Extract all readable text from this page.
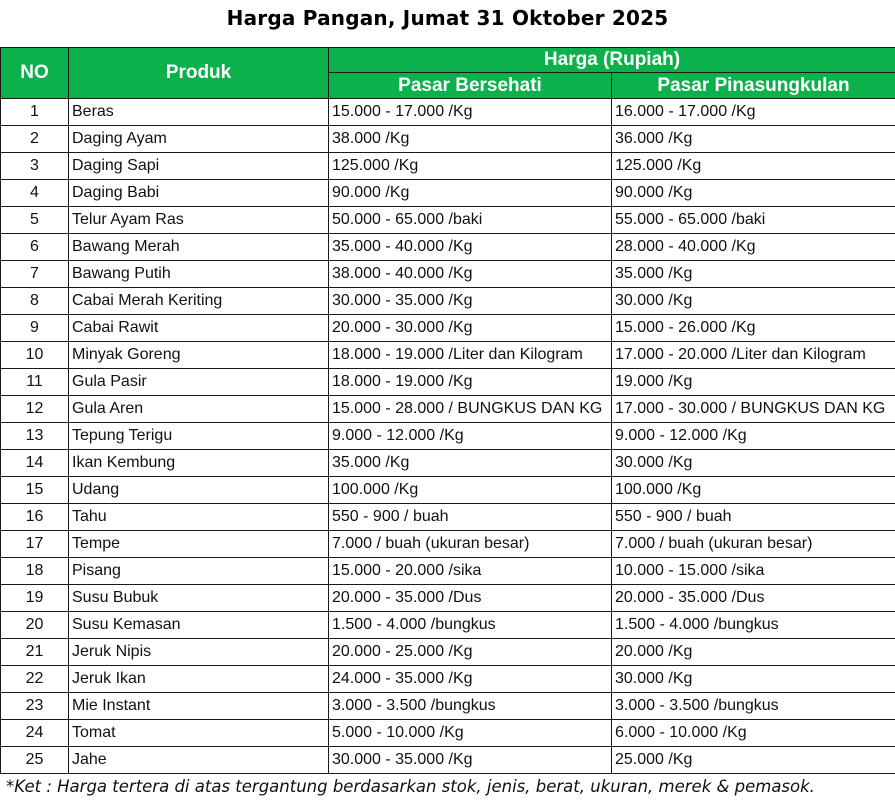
Harga Pangan, Jumat 31 Oktober 2025
NO	Produk	Harga (Rupiah)	
		Pasar Bersehati	Pasar Pinasungkulan
1	Beras	15.000 - 17.000 /Kg	16.000 - 17.000 /Kg
2	Daging Ayam	38.000 /Kg	36.000 /Kg
3	Daging Sapi	125.000 /Kg	125.000 /Kg
4	Daging Babi	90.000 /Kg	90.000 /Kg
5	Telur Ayam Ras	50.000 - 65.000 /baki	55.000 - 65.000 /baki
6	Bawang Merah	35.000 - 40.000 /Kg	28.000 - 40.000 /Kg
7	Bawang Putih	38.000 - 40.000 /Kg	35.000 /Kg
8	Cabai Merah Keriting	30.000 - 35.000 /Kg	30.000 /Kg
9	Cabai Rawit	20.000 - 30.000 /Kg	15.000 - 26.000 /Kg
10	Minyak Goreng	18.000 - 19.000 /Liter dan Kilogram	17.000 - 20.000 /Liter dan Kilogram
11	Gula Pasir	18.000 - 19.000 /Kg	19.000 /Kg
12	Gula Aren	15.000 - 28.000 / BUNGKUS DAN KG	17.000 - 30.000 / BUNGKUS DAN KG
13	Tepung Terigu	9.000 - 12.000 /Kg	9.000 - 12.000 /Kg
14	Ikan Kembung	35.000 /Kg	30.000 /Kg
15	Udang	100.000 /Kg	100.000 /Kg
16	Tahu	550 - 900 / buah	550 - 900 / buah
17	Tempe	7.000 / buah (ukuran besar)	7.000 / buah (ukuran besar)
18	Pisang	15.000 - 20.000 /sika	10.000 - 15.000 /sika
19	Susu Bubuk	20.000 - 35.000 /Dus	20.000 - 35.000 /Dus
20	Susu Kemasan	1.500 - 4.000 /bungkus	1.500 - 4.000 /bungkus
21	Jeruk Nipis	20.000 - 25.000 /Kg	20.000 /Kg
22	Jeruk Ikan	24.000 - 35.000 /Kg	30.000 /Kg
23	Mie Instant	3.000 - 3.500 /bungkus	3.000 - 3.500 /bungkus
24	Tomat	5.000 - 10.000 /Kg	6.000 - 10.000 /Kg
25	Jahe	30.000 - 35.000 /Kg	25.000 /Kg
*Ket : Harga tertera di atas tergantung berdasarkan stok, jenis, berat, ukuran, merek & pemasok.
